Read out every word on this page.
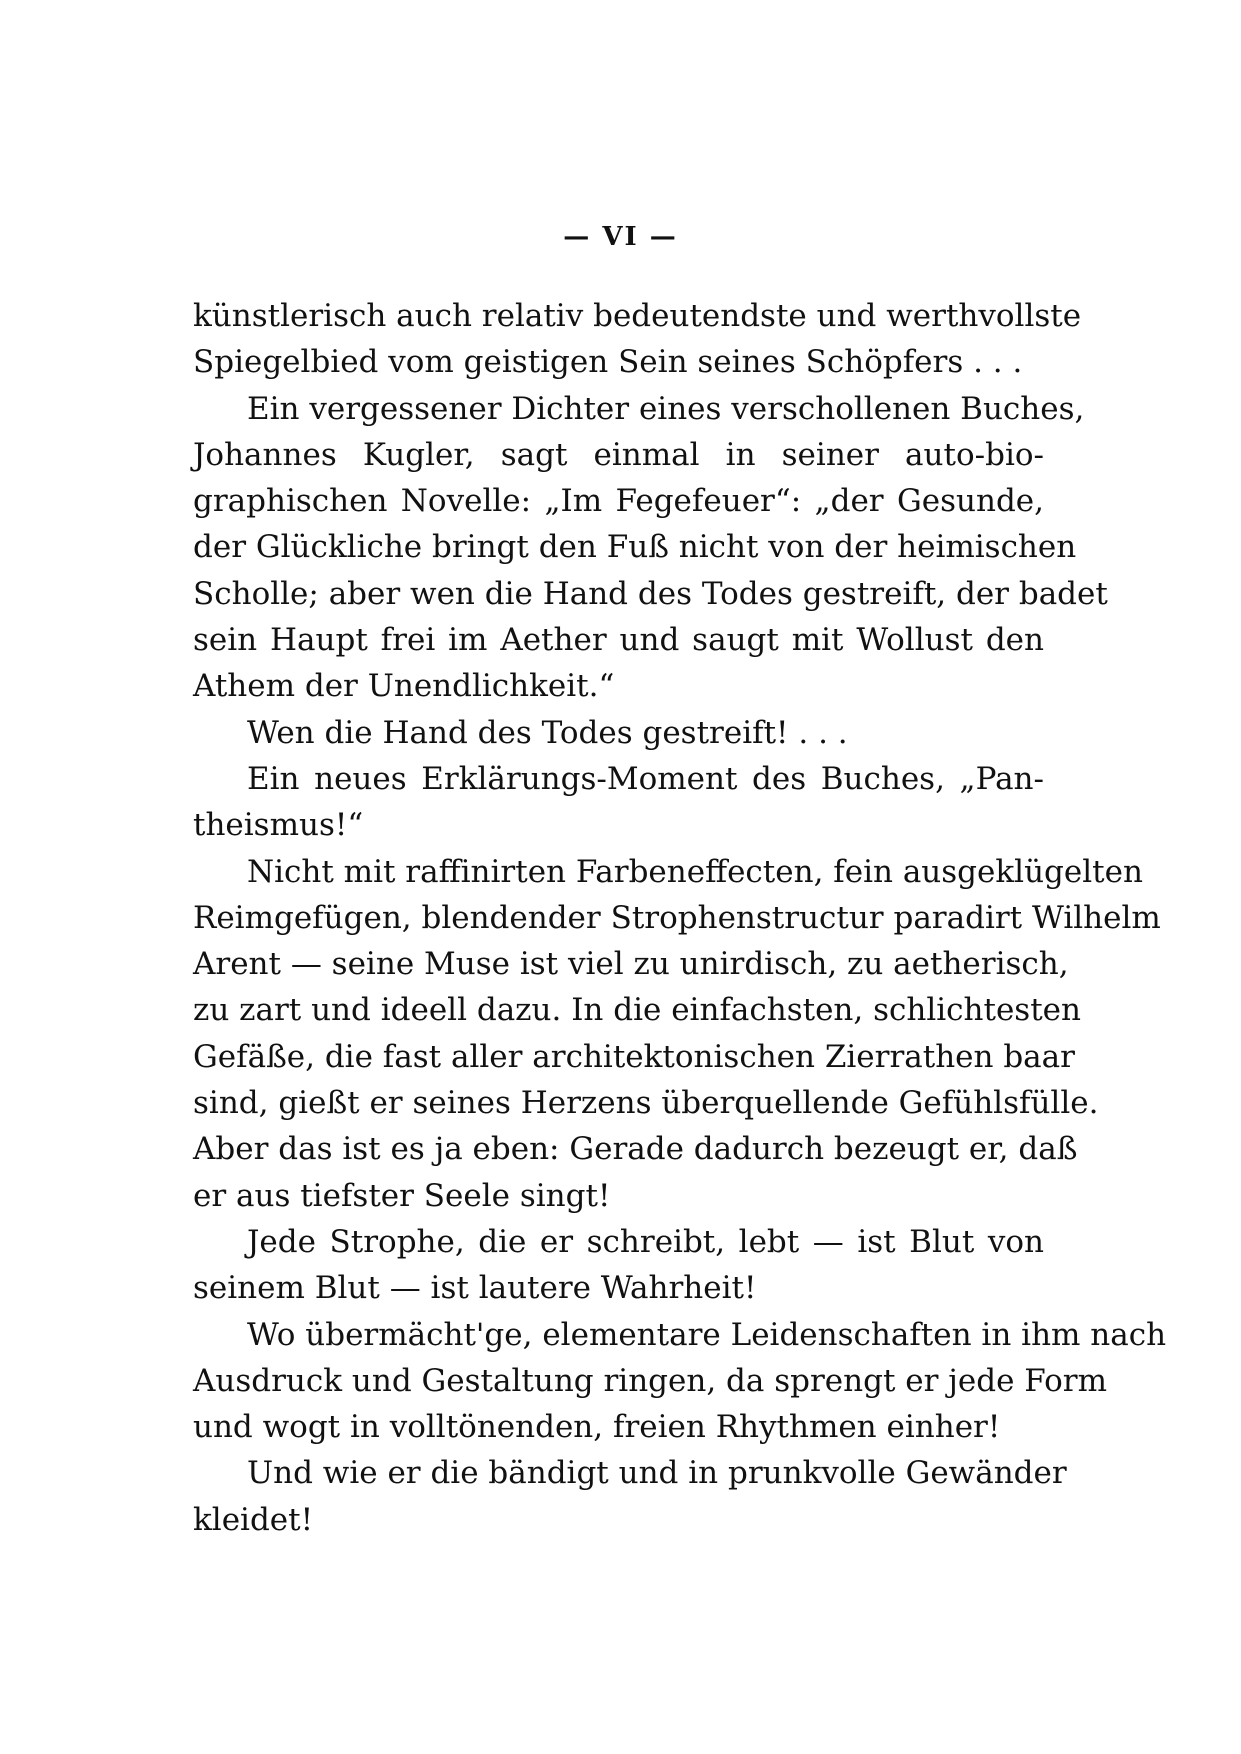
— VI —
künstlerisch auch relativ bedeutendste und werthvollste
Spiegelbied vom geistigen Sein seines Schöpfers . . .
Ein vergessener Dichter eines verschollenen Buches,
Johannes Kugler, sagt einmal in seiner auto-bio-
graphischen Novelle: „Im Fegefeuer“: „der Gesunde,
der Glückliche bringt den Fuß nicht von der heimischen
Scholle; aber wen die Hand des Todes gestreift, der badet
sein Haupt frei im Aether und saugt mit Wollust den
Athem der Unendlichkeit.“
Wen die Hand des Todes gestreift! . . .
Ein neues Erklärungs-Moment des Buches, „Pan-
theismus!“
Nicht mit raffinirten Farbeneffecten, fein ausgeklügelten
Reimgefügen, blendender Strophenstructur paradirt Wilhelm
Arent — seine Muse ist viel zu unirdisch, zu aetherisch,
zu zart und ideell dazu. In die einfachsten, schlichtesten
Gefäße, die fast aller architektonischen Zierrathen baar
sind, gießt er seines Herzens überquellende Gefühlsfülle.
Aber das ist es ja eben: Gerade dadurch bezeugt er, daß
er aus tiefster Seele singt!
Jede Strophe, die er schreibt, lebt — ist Blut von
seinem Blut — ist lautere Wahrheit!
Wo übermächt'ge, elementare Leidenschaften in ihm nach
Ausdruck und Gestaltung ringen, da sprengt er jede Form
und wogt in volltönenden, freien Rhythmen einher!
Und wie er die bändigt und in prunkvolle Gewänder
kleidet!
